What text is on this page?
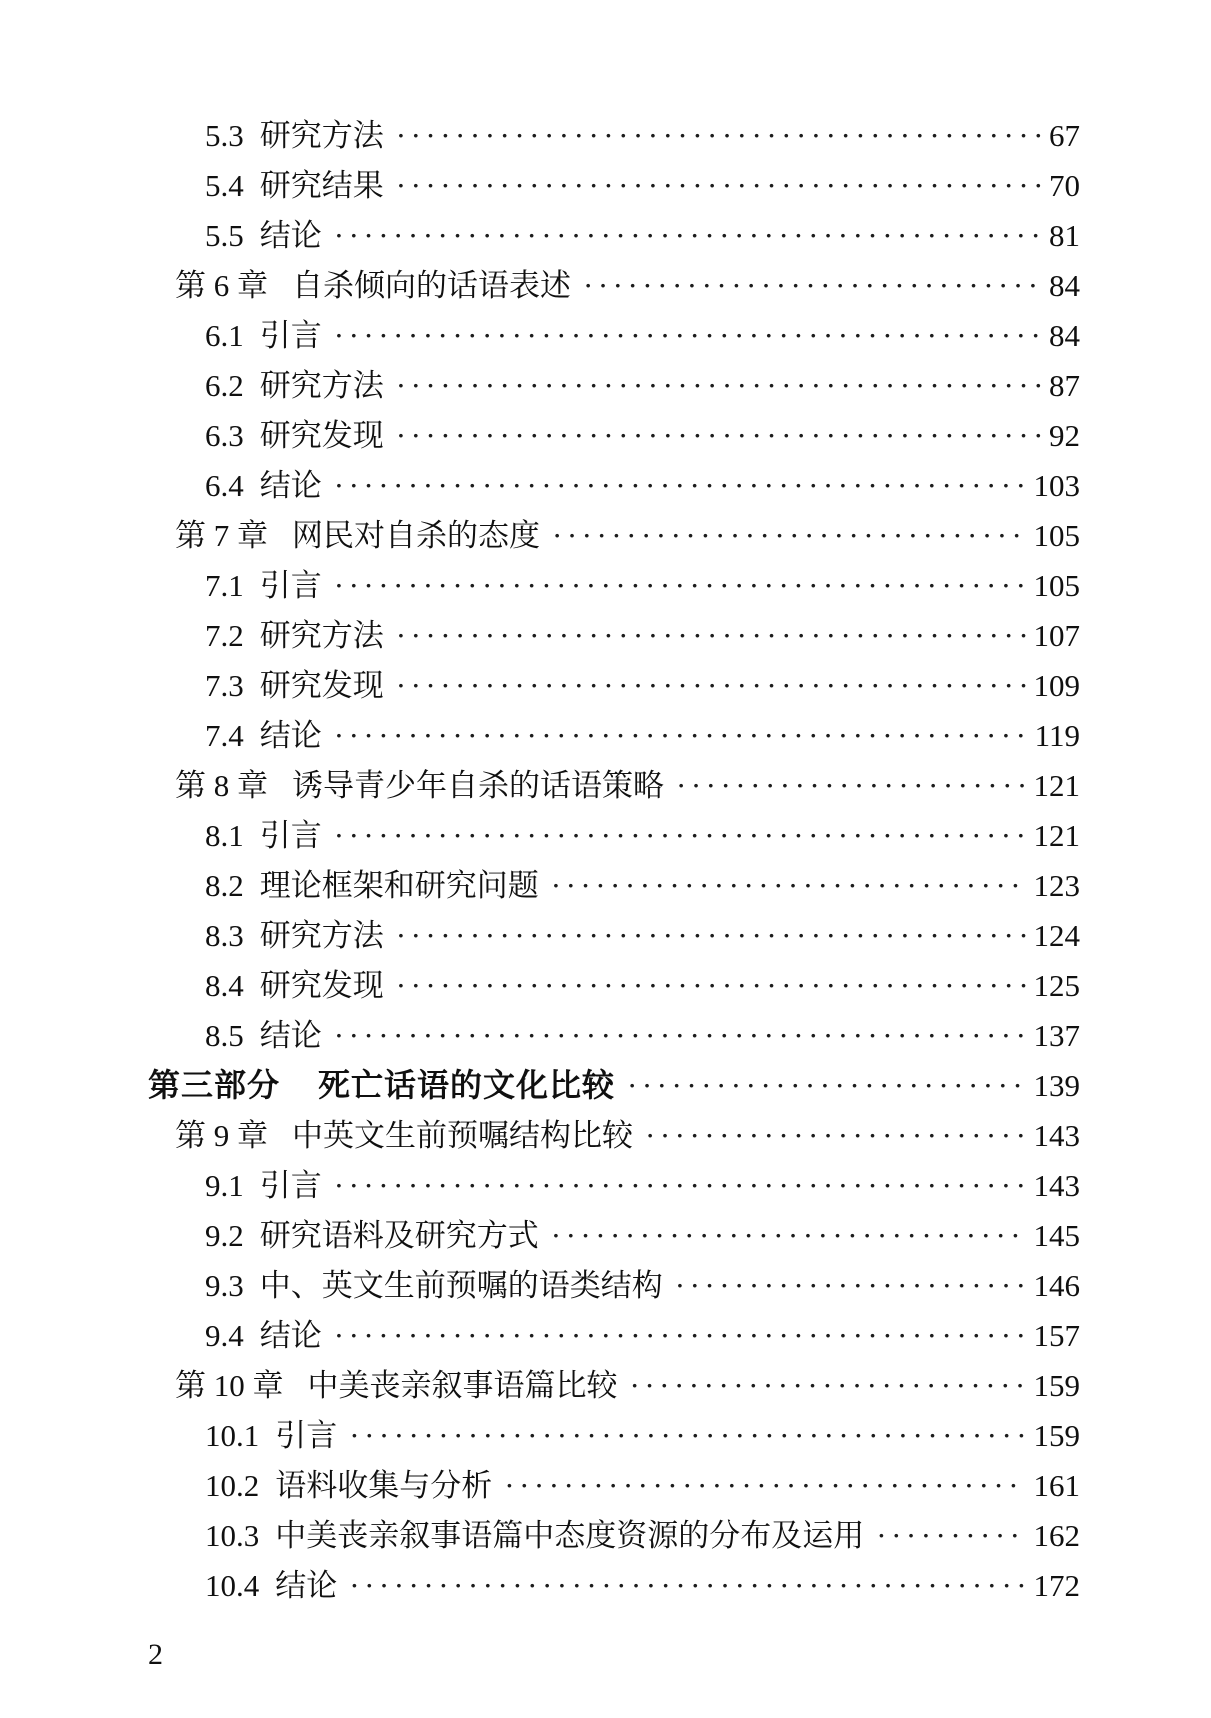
5.3 研究方法 ·····	67
5.4 研究结果 ·····	70
5.5 结论 ·····	81
第 6 章 自杀倾向的话语表述 ·····	84
6.1 引言 ·····	84
6.2 研究方法 ·····	87
6.3 研究发现 ·····	92
6.4 结论 ·····	103
第 7 章 网民对自杀的态度 ·····	105
7.1 引言 ·····	105
7.2 研究方法 ·····	107
7.3 研究发现 ·····	109
7.4 结论 ·····	119
第 8 章 诱导青少年自杀的话语策略 ·····	121
8.1 引言 ·····	121
8.2 理论框架和研究问题 ·····	123
8.3 研究方法 ·····	124
8.4 研究发现 ·····	125
8.5 结论 ·····	137
第三部分 死亡话语的文化比较 ·····	139
第 9 章 中英文生前预嘱结构比较 ·····	143
9.1 引言 ·····	143
9.2 研究语料及研究方式 ·····	145
9.3 中、英文生前预嘱的语类结构 ·····	146
9.4 结论 ·····	157
第 10 章 中美丧亲叙事语篇比较 ·····	159
10.1 引言 ·····	159
10.2 语料收集与分析 ·····	161
10.3 中美丧亲叙事语篇中态度资源的分布及运用 ·····	162
10.4 结论 ·····	172
2
